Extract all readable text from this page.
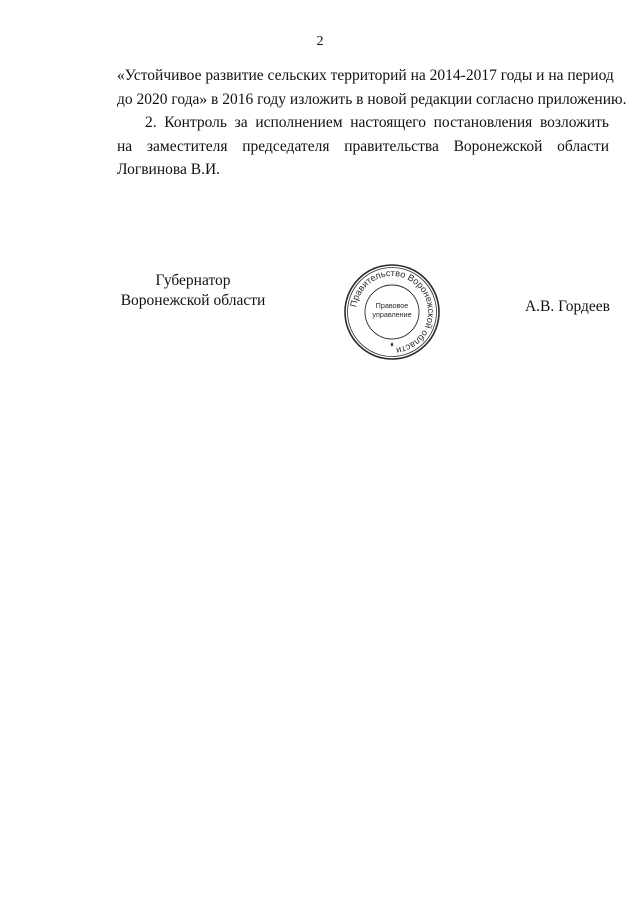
2

«Устойчивое развитие сельских территорий на 2014-2017 годы и на период
до 2020 года» в 2016 году изложить в новой редакции согласно приложению.

2. Контроль за исполнением настоящего постановления возложить
на заместителя председателя правительства Воронежской области
Логвинова В.И.

Губернатор
Воронежской области	Правительство Воронежской области
Правовое
управление	А.В. Гордеев
